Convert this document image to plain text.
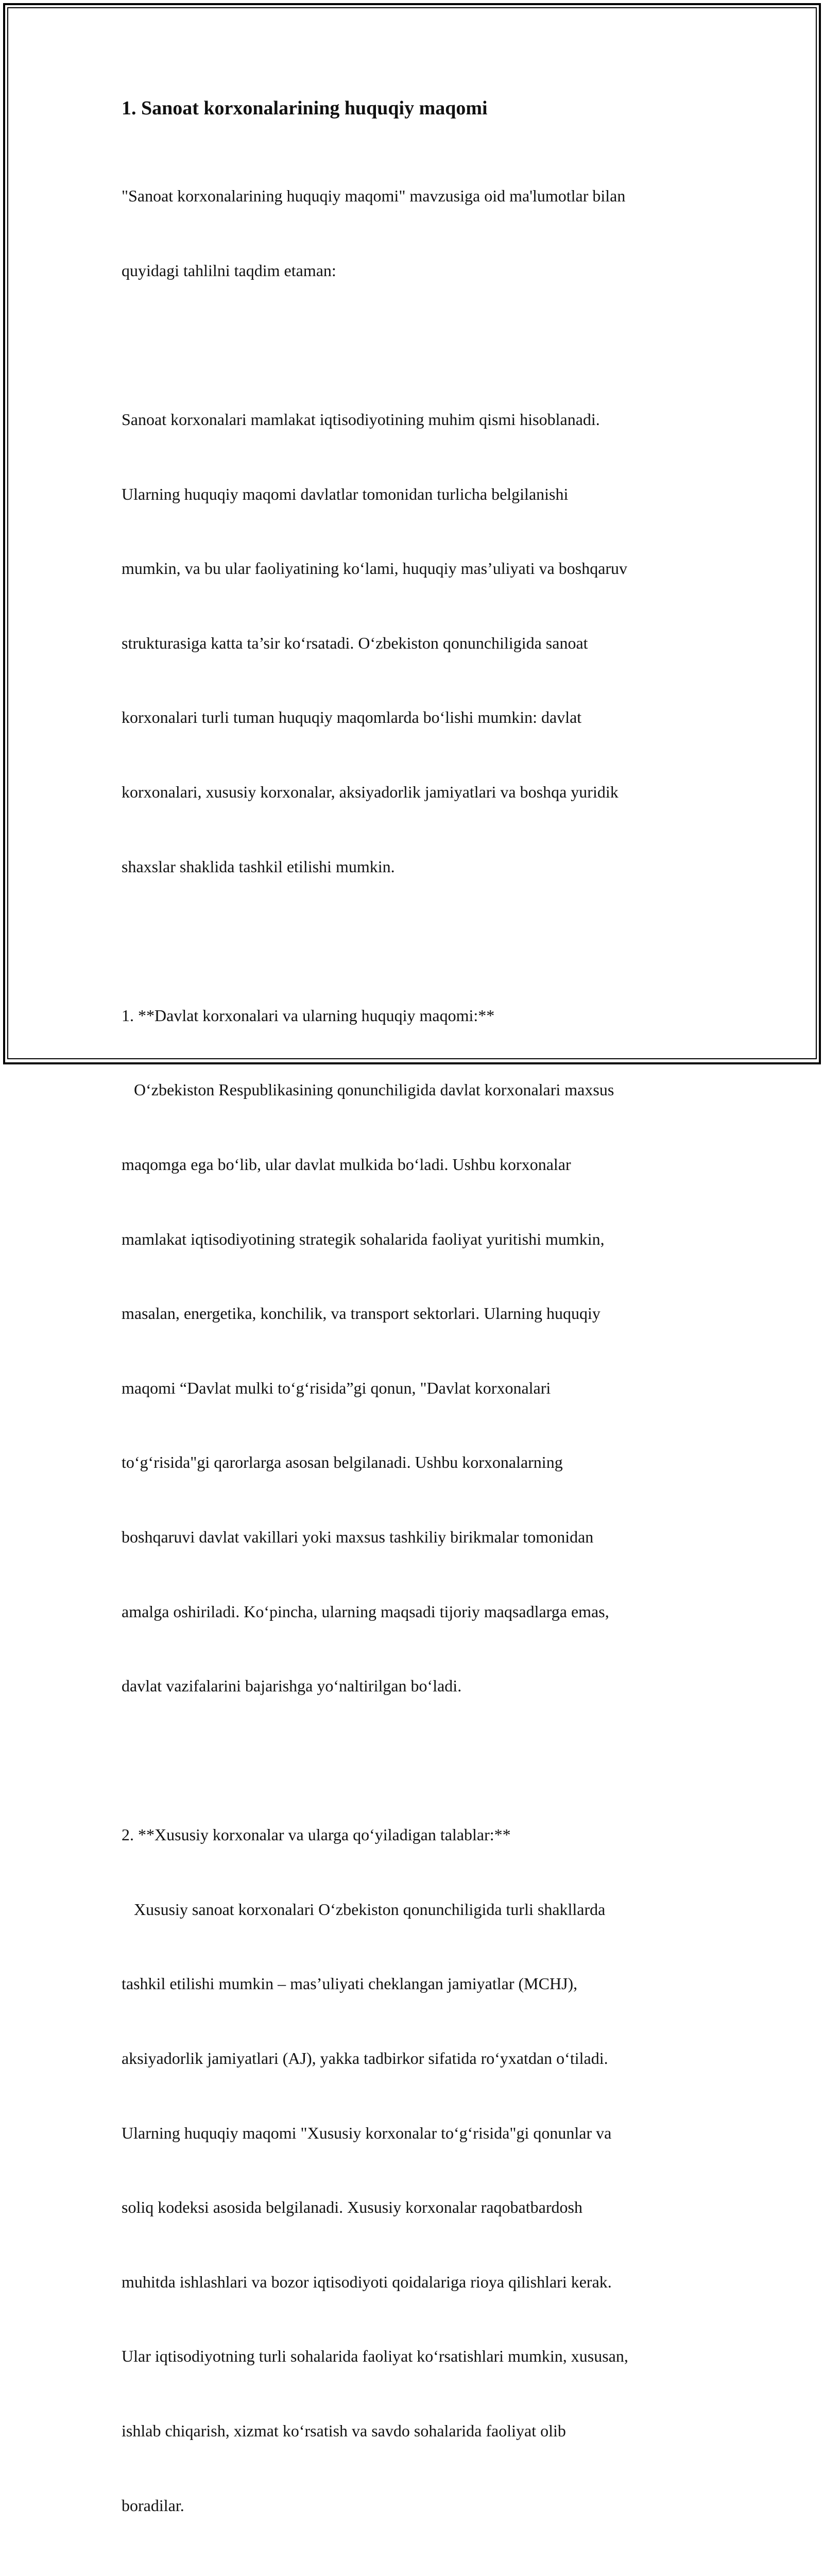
1. Sanoat korxonalarining huquqiy maqomi

"Sanoat korxonalarining huquqiy maqomi" mavzusiga oid ma'lumotlar bilan

quyidagi tahlilni taqdim etaman:

Sanoat korxonalari mamlakat iqtisodiyotining muhim qismi hisoblanadi.

Ularning huquqiy maqomi davlatlar tomonidan turlicha belgilanishi

mumkin, va bu ular faoliyatining ko‘lami, huquqiy mas’uliyati va boshqaruv

strukturasiga katta ta’sir ko‘rsatadi. O‘zbekiston qonunchiligida sanoat

korxonalari turli tuman huquqiy maqomlarda bo‘lishi mumkin: davlat

korxonalari, xususiy korxonalar, aksiyadorlik jamiyatlari va boshqa yuridik

shaxslar shaklida tashkil etilishi mumkin.

1. **Davlat korxonalari va ularning huquqiy maqomi:**

O‘zbekiston Respublikasining qonunchiligida davlat korxonalari maxsus

maqomga ega bo‘lib, ular davlat mulkida bo‘ladi. Ushbu korxonalar

mamlakat iqtisodiyotining strategik sohalarida faoliyat yuritishi mumkin,

masalan, energetika, konchilik, va transport sektorlari. Ularning huquqiy

maqomi “Davlat mulki to‘g‘risida”gi qonun, "Davlat korxonalari

to‘g‘risida"gi qarorlarga asosan belgilanadi. Ushbu korxonalarning

boshqaruvi davlat vakillari yoki maxsus tashkiliy birikmalar tomonidan

amalga oshiriladi. Ko‘pincha, ularning maqsadi tijoriy maqsadlarga emas,

davlat vazifalarini bajarishga yo‘naltirilgan bo‘ladi.

2. **Xususiy korxonalar va ularga qo‘yiladigan talablar:**

Xususiy sanoat korxonalari O‘zbekiston qonunchiligida turli shakllarda

tashkil etilishi mumkin – mas’uliyati cheklangan jamiyatlar (MCHJ),

aksiyadorlik jamiyatlari (AJ), yakka tadbirkor sifatida ro‘yxatdan o‘tiladi.

Ularning huquqiy maqomi "Xususiy korxonalar to‘g‘risida"gi qonunlar va

soliq kodeksi asosida belgilanadi. Xususiy korxonalar raqobatbardosh

muhitda ishlashlari va bozor iqtisodiyoti qoidalariga rioya qilishlari kerak.

Ular iqtisodiyotning turli sohalarida faoliyat ko‘rsatishlari mumkin, xususan,

ishlab chiqarish, xizmat ko‘rsatish va savdo sohalarida faoliyat olib

boradilar.
